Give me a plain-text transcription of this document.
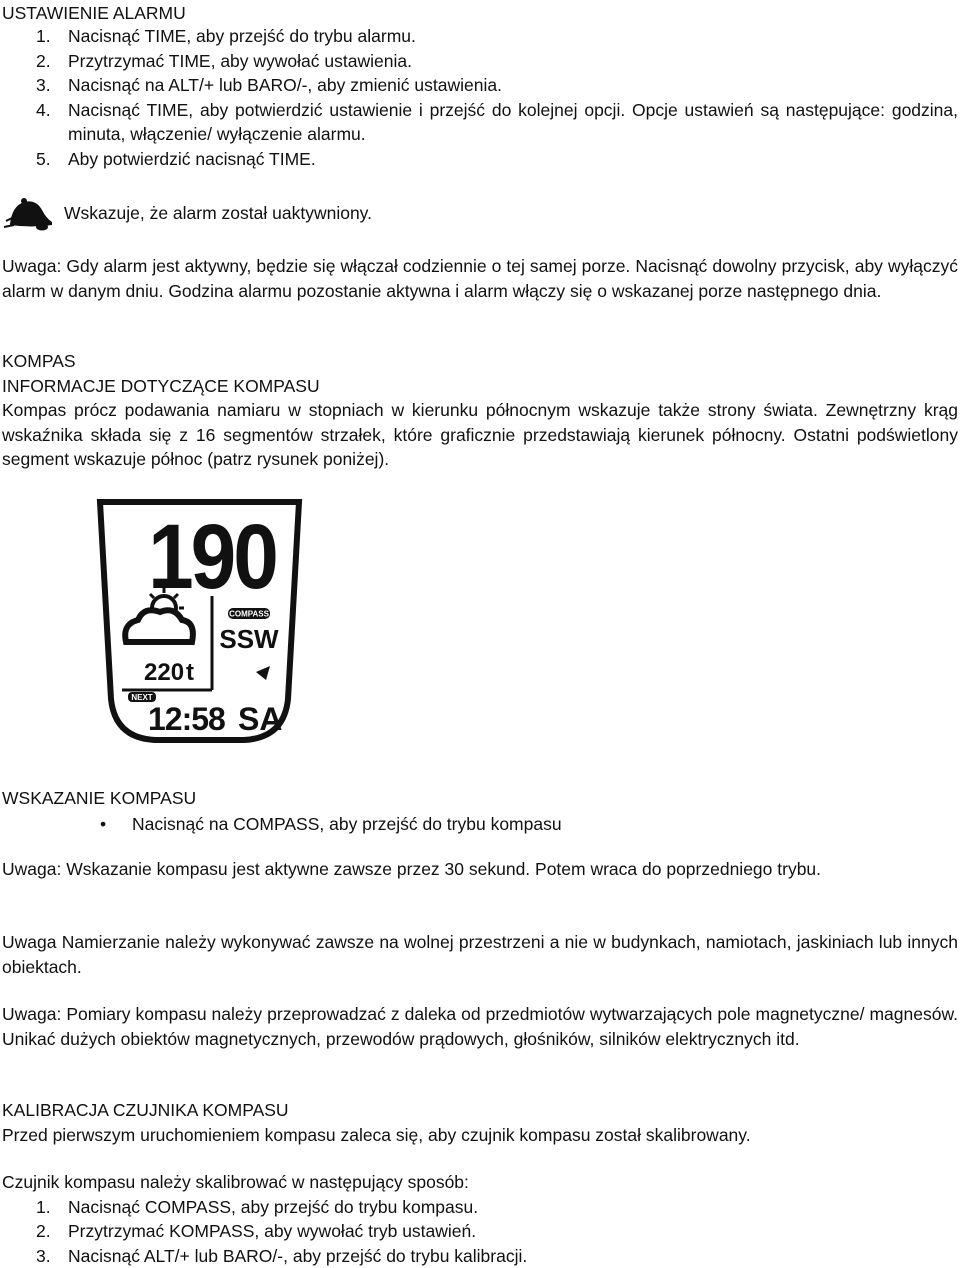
USTAWIENIE ALARMU

1. Nacisnąć TIME, aby przejść do trybu alarmu.
2. Przytrzymać TIME, aby wywołać ustawienia.
3. Nacisnąć na ALT/+ lub BARO/-, aby zmienić ustawienia.
4. Nacisnąć TIME, aby potwierdzić ustawienie i przejść do kolejnej opcji. Opcje ustawień są następujące: godzina, minuta, włączenie/ wyłączenie alarmu.
5. Aby potwierdzić nacisnąć TIME.
Wskazuje, że alarm został uaktywniony.

Uwaga: Gdy alarm jest aktywny, będzie się włączał codziennie o tej samej porze. Nacisnąć dowolny przycisk, aby wyłączyć alarm w danym dniu. Godzina alarmu pozostanie aktywna i alarm włączy się o wskazanej porze następnego dnia.

KOMPAS

INFORMACJE DOTYCZĄCE KOMPASU

Kompas prócz podawania namiaru w stopniach w kierunku północnym wskazuje także strony świata. Zewnętrzny krąg wskaźnika składa się z 16 segmentów strzałek, które graficznie przedstawiają kierunek północny. Ostatni podświetlony segment wskazuje północ (patrz rysunek poniżej).

190
COMPASS
SSW
220 t
NEXT
12:58 SA

WSKAZANIE KOMPASU

•	Nacisnąć na COMPASS, aby przejść do trybu kompasu

Uwaga: Wskazanie kompasu jest aktywne zawsze przez 30 sekund. Potem wraca do poprzedniego trybu.

Uwaga Namierzanie należy wykonywać zawsze na wolnej przestrzeni a nie w budynkach, namiotach, jaskiniach lub innych obiektach.

Uwaga: Pomiary kompasu należy przeprowadzać z daleka od przedmiotów wytwarzających pole magnetyczne/ magnesów. Unikać dużych obiektów magnetycznych, przewodów prądowych, głośników, silników elektrycznych itd.

KALIBRACJA CZUJNIKA KOMPASU

Przed pierwszym uruchomieniem kompasu zaleca się, aby czujnik kompasu został skalibrowany.

Czujnik kompasu należy skalibrować w następujący sposób:

1. Nacisnąć COMPASS, aby przejść do trybu kompasu.
2. Przytrzymać KOMPASS, aby wywołać tryb ustawień.
3. Nacisnąć ALT/+ lub BARO/-, aby przejść do trybu kalibracji.
